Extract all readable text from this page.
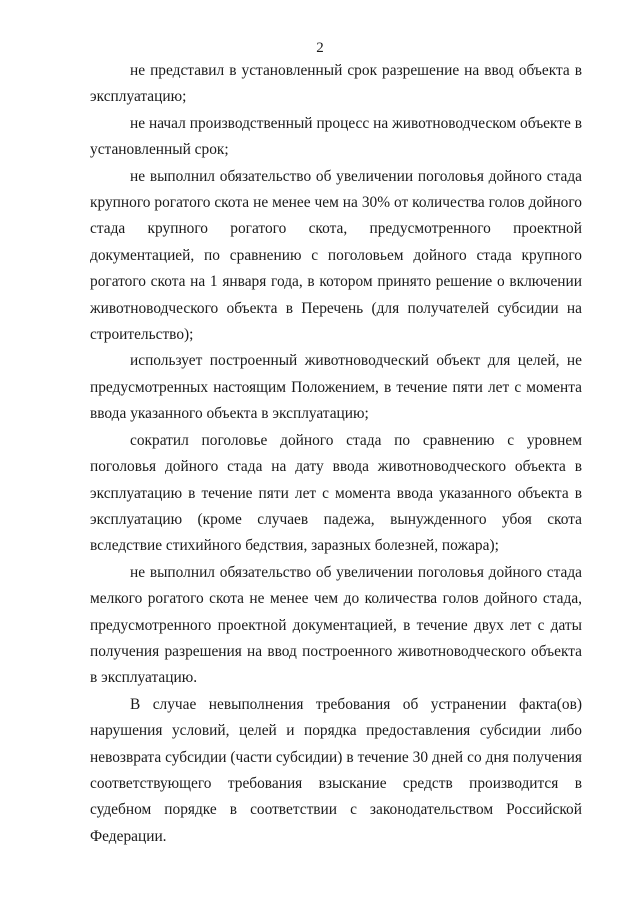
2

не представил в установленный срок разрешение на ввод объекта в эксплуатацию;

не начал производственный процесс на животноводческом объекте в установленный срок;

не выполнил обязательство об увеличении поголовья дойного стада крупного рогатого скота не менее чем на 30% от количества голов дойного стада крупного рогатого скота, предусмотренного проектной документацией, по сравнению с поголовьем дойного стада крупного рогатого скота на 1 января года, в котором принято решение о включении животноводческого объекта в Перечень (для получателей субсидии на строительство);

использует построенный животноводческий объект для целей, не предусмотренных настоящим Положением, в течение пяти лет с момента ввода указанного объекта в эксплуатацию;

сократил поголовье дойного стада по сравнению с уровнем поголовья дойного стада на дату ввода животноводческого объекта в эксплуатацию в течение пяти лет с момента ввода указанного объекта в эксплуатацию (кроме случаев падежа, вынужденного убоя скота вследствие стихийного бедствия, заразных болезней, пожара);

не выполнил обязательство об увеличении поголовья дойного стада мелкого рогатого скота не менее чем до количества голов дойного стада, предусмотренного проектной документацией, в течение двух лет с даты получения разрешения на ввод построенного животноводческого объекта в эксплуатацию.

В случае невыполнения требования об устранении факта(ов) нарушения условий, целей и порядка предоставления субсидии либо невозврата субсидии (части субсидии) в течение 30 дней со дня получения соответствующего требования взыскание средств производится в судебном порядке в соответствии с законодательством Российской Федерации.
